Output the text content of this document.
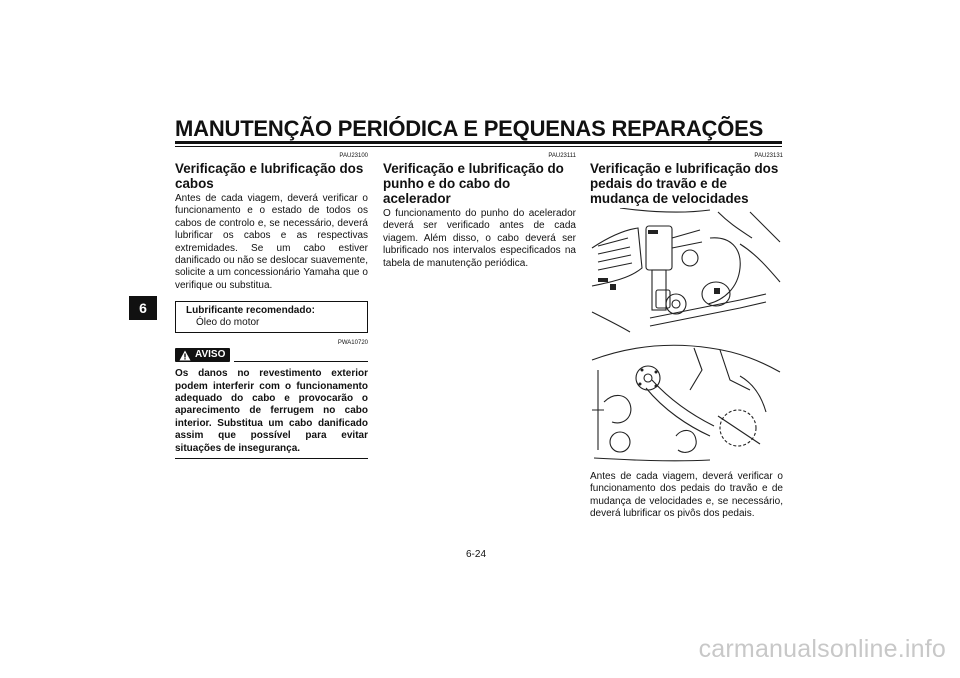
MANUTENÇÃO PERIÓDICA E PEQUENAS REPARAÇÕES
6
PAU23100
Verificação e lubrificação dos cabos
Antes de cada viagem, deverá verificar o funcionamento e o estado de todos os cabos de controlo e, se necessário, deverá lubrificar os cabos e as respectivas extremidades. Se um cabo estiver danificado ou não se deslocar suavemente, solicite a um concessionário Yamaha que o verifique ou substitua.
Lubrificante recomendado:
Óleo do motor
PWA10720
AVISO
Os danos no revestimento exterior podem interferir com o funcionamento adequado do cabo e provocarão o aparecimento de ferrugem no cabo interior. Substitua um cabo danificado assim que possível para evitar situações de insegurança.
PAU23111
Verificação e lubrificação do punho e do cabo do acelerador
O funcionamento do punho do acelerador deverá ser verificado antes de cada viagem. Além disso, o cabo deverá ser lubrificado nos intervalos especificados na tabela de manutenção periódica.
PAU23131
Verificação e lubrificação dos pedais do travão e de mudança de velocidades
Antes de cada viagem, deverá verificar o funcionamento dos pedais do travão e de mudança de velocidades e, se necessário, deverá lubrificar os pivôs dos pedais.
6-24
carmanualsonline.info
